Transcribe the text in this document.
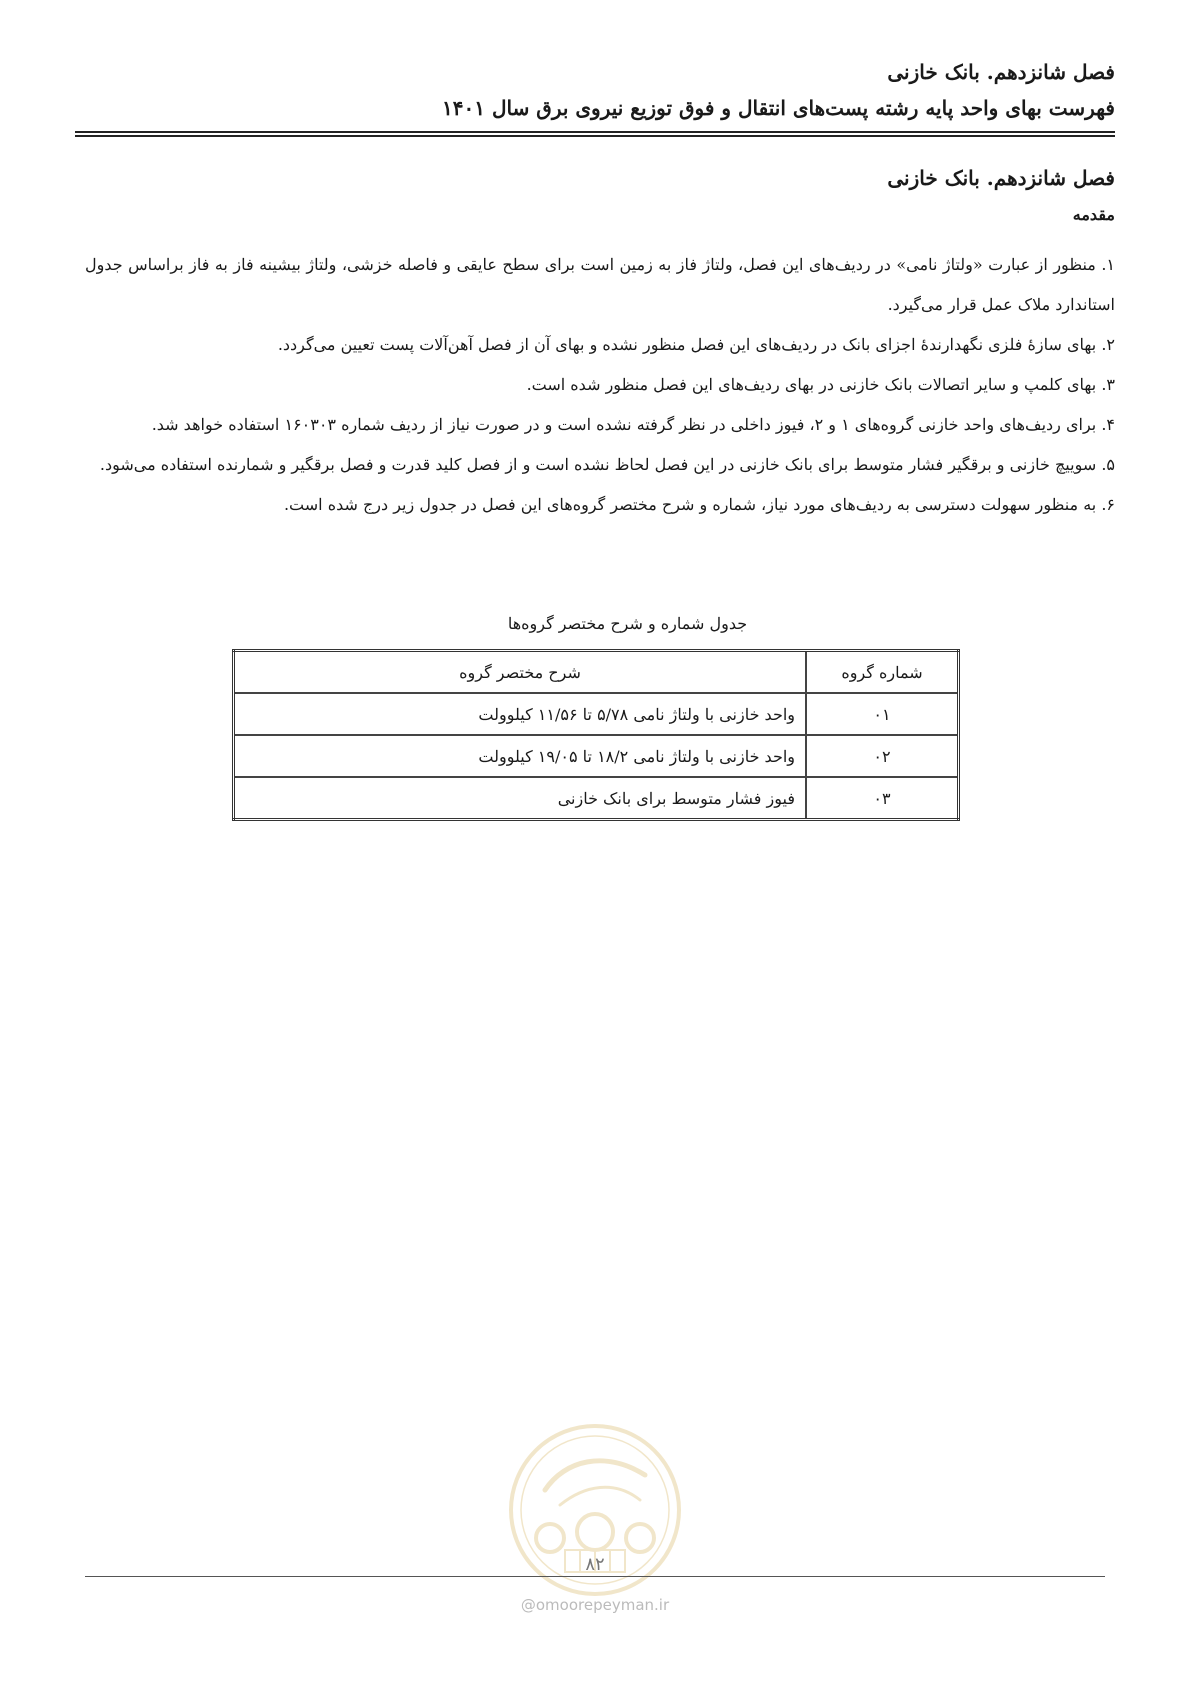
فصل شانزدهم. بانک خازنی
فهرست بهای واحد پایه رشته پست‌های انتقال و فوق توزیع نیروی برق سال ۱۴۰۱
فصل شانزدهم. بانک خازنی
مقدمه

۱. منظور از عبارت «ولتاژ نامی» در ردیف‌های این فصل، ولتاژ فاز به زمین است برای سطح عایقی و فاصله خزشی، ولتاژ بیشینه فاز به فاز براساس جدول استاندارد ملاک عمل قرار می‌گیرد.

۲. بهای سازهٔ فلزی نگهدارندهٔ اجزای بانک در ردیف‌های این فصل منظور نشده و بهای آن از فصل آهن‌آلات پست تعیین می‌گردد.

۳. بهای کلمپ و سایر اتصالات بانک خازنی در بهای ردیف‌های این فصل منظور شده است.

۴. برای ردیف‌های واحد خازنی گروه‌های ۱ و ۲، فیوز داخلی در نظر گرفته نشده است و در صورت نیاز از ردیف شماره ۱۶۰۳۰۳ استفاده خواهد شد.

۵. سوییچ خازنی و برقگیر فشار متوسط برای بانک خازنی در این فصل لحاظ نشده است و از فصل کلید قدرت و فصل برقگیر و شمارنده استفاده می‌شود.

۶. به منظور سهولت دسترسی به ردیف‌های مورد نیاز، شماره و شرح مختصر گروه‌های این فصل در جدول زیر درج شده است.

جدول شماره و شرح مختصر گروه‌ها

شماره گروه	شرح مختصر گروه
۰۱	واحد خازنی با ولتاژ نامی ۵/۷۸ تا ۱۱/۵۶ کیلوولت
۰۲	واحد خازنی با ولتاژ نامی ۱۸/۲ تا ۱۹/۰۵ کیلوولت
۰۳	فیوز فشار متوسط برای بانک خازنی

۸۲

@omoorepeyman.ir
